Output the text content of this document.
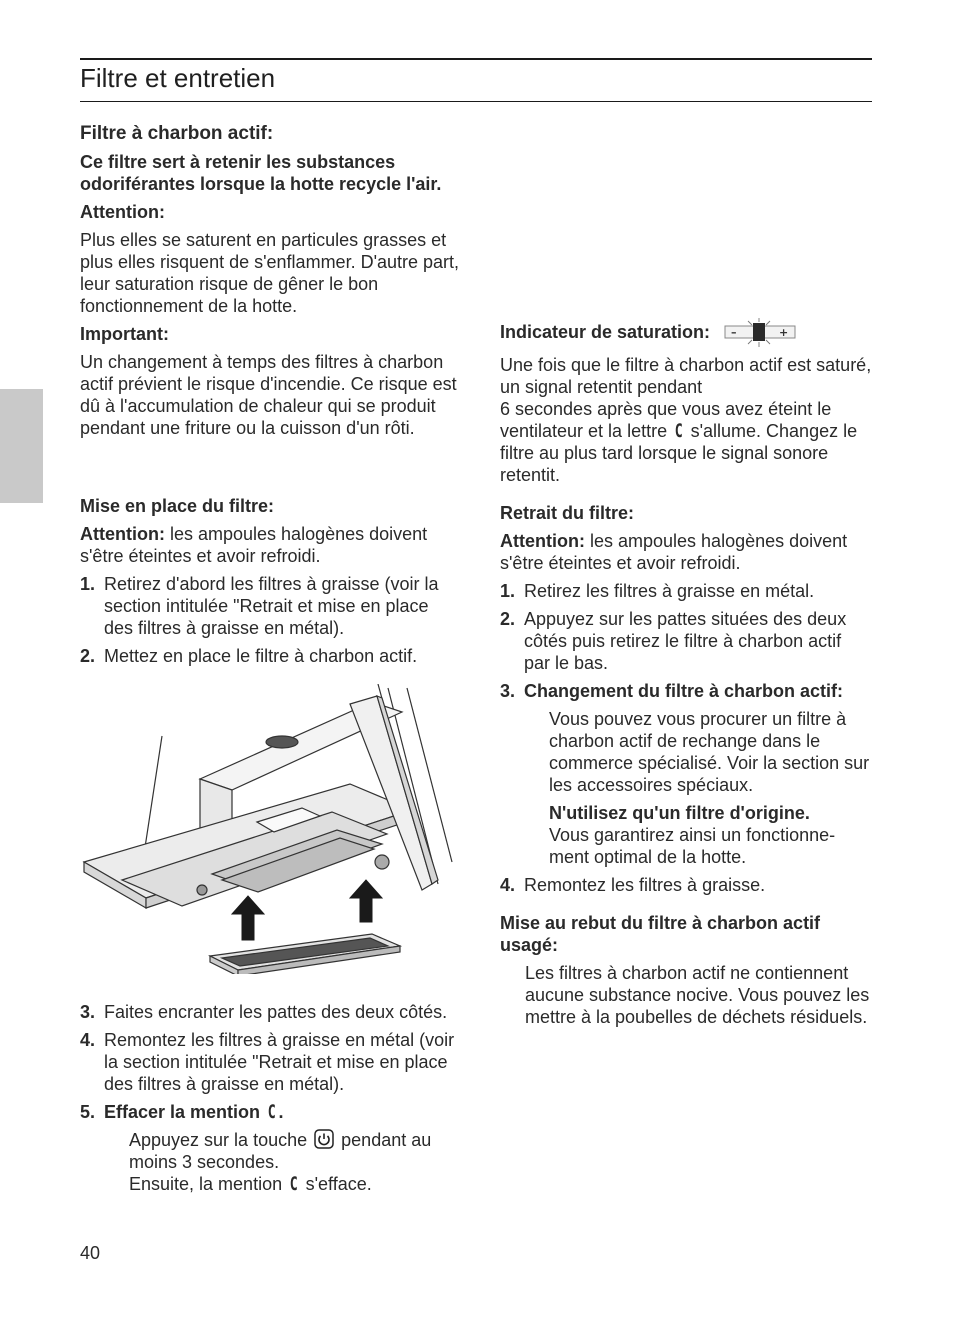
Filtre et entretien

Filtre à charbon actif:

Ce filtre sert à retenir les substances odoriférantes lorsque la hotte recycle l'air.

Attention:

Plus elles se saturent en particules grasses et plus elles risquent de s'enflammer. D'autre part, leur saturation risque de gêner le bon fonctionnement de la hotte.

Important:

Un changement à temps des filtres à charbon actif prévient le risque d'incendie. Ce risque est dû à l'accumulation de chaleur qui se produit pendant une friture ou la cuisson d'un rôti.

Mise en place du filtre:

Attention: les ampoules halogènes doivent s'être éteintes et avoir refroidi.

1. Retirez d'abord les filtres à graisse (voir la section intitulée "Retrait et mise en place des filtres à graisse en métal).
2. Mettez en place le filtre à charbon actif.
3. Faites encranter les pattes des deux côtés.
4. Remontez les filtres à graisse en métal (voir la section intitulée "Retrait et mise en place des filtres à graisse en métal).
5. Effacer la mention C .

Appuyez sur la touche pendant au moins 3 secondes.
Ensuite, la mention C s'efface.

Indicateur de saturation: –	+

Une fois que le filtre à charbon actif est saturé, un signal retentit pendant
6 secondes après que vous avez éteint le ventilateur et la lettre C s'allume. Changez le filtre au plus tard lorsque le signal sonore retentit.

Retrait du filtre:

Attention: les ampoules halogènes doivent s'être éteintes et avoir refroidi.

1. Retirez les filtres à graisse en métal.
2. Appuyez sur les pattes situées des deux côtés puis retirez le filtre à charbon actif par le bas.
3. Changement du filtre à charbon actif:

Vous pouvez vous procurer un filtre à charbon actif de rechange dans le commerce spécialisé. Voir la section sur les accessoires spéciaux.

N'utilisez qu'un filtre d'origine.
Vous garantirez ainsi un fonctionne-ment optimal de la hotte.

4. Remontez les filtres à graisse.

Mise au rebut du filtre à charbon actif usagé:

Les filtres à charbon actif ne contiennent aucune substance nocive. Vous pouvez les mettre à la poubelles de déchets résiduels.

40
